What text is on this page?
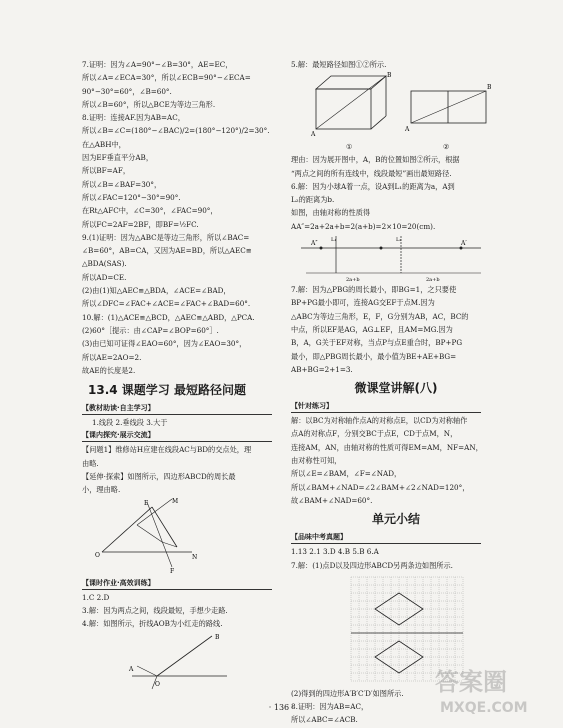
7.证明：因为∠A=90°−∠B=30°，AE=EC，
所以∠A=∠ECA=30°，所以∠ECB=90°−∠ECA=
90°−30°=60°，∠B=60°.
所以∠B=60°，所以△BCE为等边三角形.
8.证明：连接AF.因为AB=AC，
所以∠B=∠C=(180°−∠BAC)/2=(180°−120°)/2=30°.
在△ABH中，
因为EF垂直平分AB，
所以BF=AF，
所以∠B=∠BAF=30°，
所以∠FAC=120°−30°=90°.
在Rt△AFC中，∠C=30°，∠FAC=90°，
所以FC=2AF=2BF，即BF=½FC.
9.(1)证明：因为△ABC是等边三角形，所以∠BAC=
∠B=60°，AB=CA，又因为AE=BD，所以△AEC≌
△BDA(SAS).
所以AD=CE.
(2)由(1)知△AEC≌△BDA，∠ACE=∠BAD，
所以∠DFC=∠FAC+∠ACE=∠FAC+∠BAD=60°.
10.解：(1)△ACE≌△BCD，△AEC≌△ABD，△PCA.
(2)60°［提示：由∠CAP=∠BOP=60°］.
(3)由已知可证得∠EAO=60°，因为∠EAO=30°，
所以AE=2AO=2.
故AE的长度是2.
13.4 课题学习 最短路径问题
【教材助读·自主学习】
1.线段 2.垂线段 3.大于
【课内探究·展示交流】
【问题1】维修站H应建在线段AC与BD的交点处，理
由略.
【延伸·探索】如图所示，四边形ABCD的周长最
小，理由略.
O
E	M
N
F
【课时作业·高效训练】
1.C 2.D
3.解：因为两点之间，线段最短，手想少走路.
4.解：如图所示，折线AOB为小红走的路线.
A
B
O
5.解：最短路径如图①②所示.
A
B
A
B
①	②
理由：因为展开图中，A，B的位置如图②所示，根据
“两点之间的所有连线中，线段最短”画出最短路径.
6.解：因为小球A着一点，设A到L₁的距离为a，A到
L₂的距离为b.
如图，由轴对称的性质得
AA″=2a+2a+b=2(a+b)=2×10=20(cm).
A″	A′
L₁	L₂
2a+b	2a+b
7.解：因为△PBG的周长最小，即BG=1，之只要使
BP+PG最小即可，连接AG交EF于点M.因为
△ABC为等边三角形，E，F，G分别为AB，AC，BC的
中点，所以EF是AG，AG⊥EF，且AM=MG.因为
B，A，G关于EF对称，当点P与点E重合时，BP+PG
最小，即△PBG周长最小，最小值为BE+AE+BG=
AB+BG=2+1=3.
微课堂讲解(八)
【针对练习】
解：以BC为对称轴作点A的对称点E，以CD为对称轴作
点A的对称点F，分别交BC于点E，CD于点M，N，
连接AM，AN，由轴对称的性质可得EM=AM，NF=AN，
由对称性可知，
所以∠E=∠BAM，∠F=∠NAD，
所以∠BAM+∠NAD=∠2∠BAM+∠2∠NAD=120°，
故∠BAM+∠NAD=60°.
单元小结
【品味中考真题】
1.13 2.1 3.D 4.B 5.B 6.A
7.解：(1)点D以及四边形ABCD另两条边如图所示.
(2)得到的四边形A′B′C′D′如图所示.
8.证明：因为AB=AC，
所以∠ABC=∠ACB.
· 136 ·
答案圈
MXQE.COM
